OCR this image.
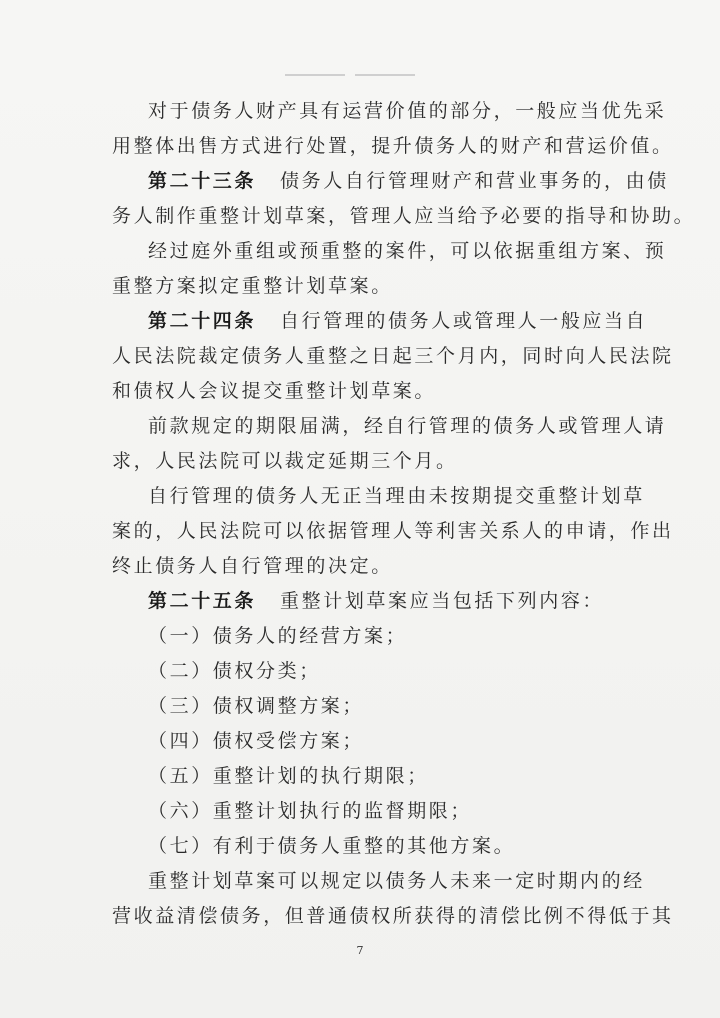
对于债务人财产具有运营价值的部分，一般应当优先采
用整体出售方式进行处置，提升债务人的财产和营运价值。
第二十三条 债务人自行管理财产和营业事务的，由债
务人制作重整计划草案，管理人应当给予必要的指导和协助。
经过庭外重组或预重整的案件，可以依据重组方案、预
重整方案拟定重整计划草案。
第二十四条 自行管理的债务人或管理人一般应当自
人民法院裁定债务人重整之日起三个月内，同时向人民法院
和债权人会议提交重整计划草案。
前款规定的期限届满，经自行管理的债务人或管理人请
求，人民法院可以裁定延期三个月。
自行管理的债务人无正当理由未按期提交重整计划草
案的，人民法院可以依据管理人等利害关系人的申请，作出
终止债务人自行管理的决定。
第二十五条 重整计划草案应当包括下列内容：
（一）债务人的经营方案；
（二）债权分类；
（三）债权调整方案；
（四）债权受偿方案；
（五）重整计划的执行期限；
（六）重整计划执行的监督期限；
（七）有利于债务人重整的其他方案。
重整计划草案可以规定以债务人未来一定时期内的经
营收益清偿债务，但普通债权所获得的清偿比例不得低于其
7
